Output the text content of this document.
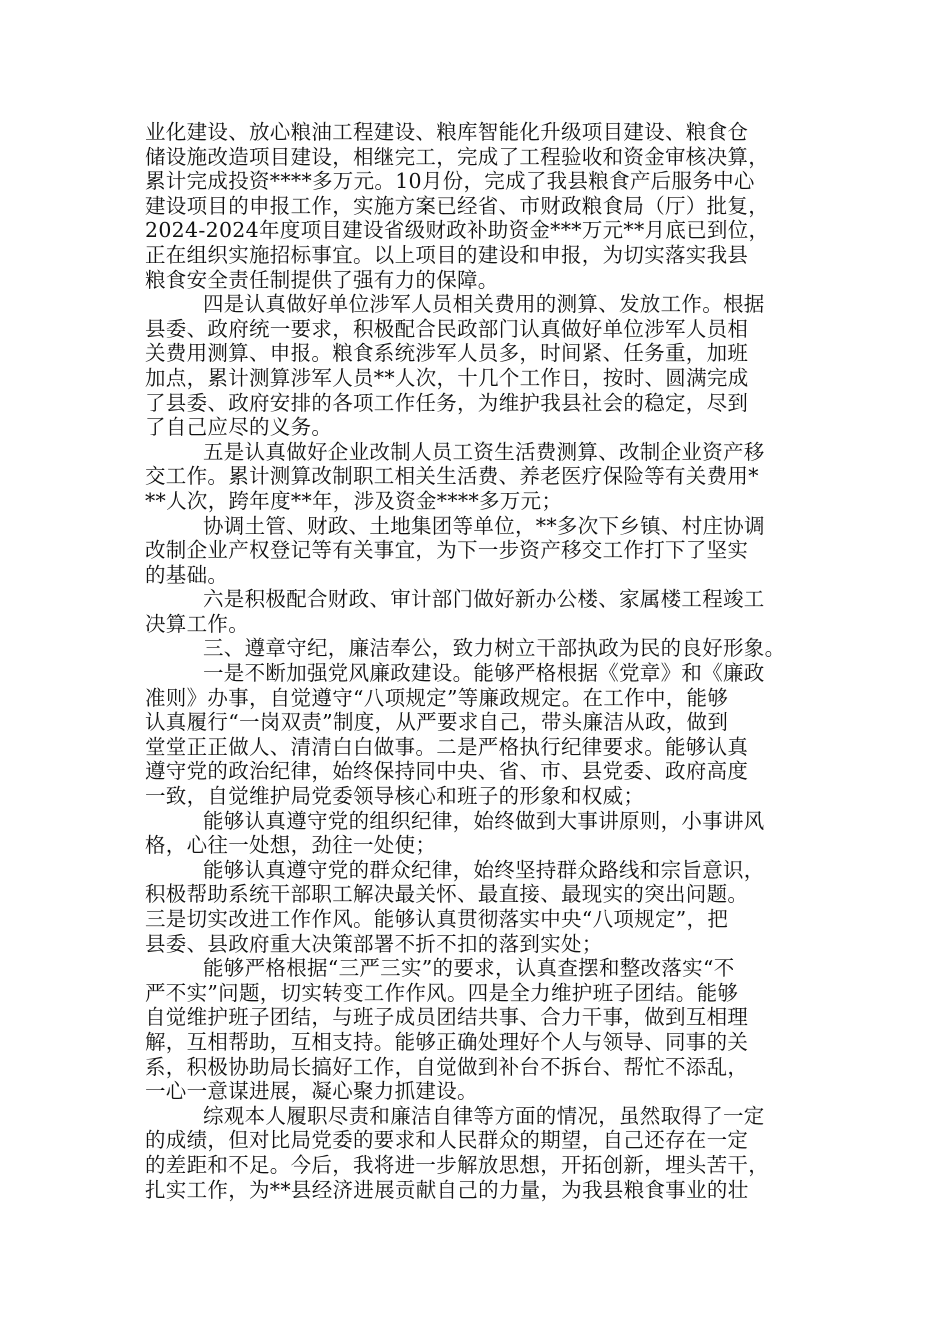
业化建设、放心粮油工程建设、粮库智能化升级项目建设、粮食仓
储设施改造项目建设，相继完工，完成了工程验收和资金审核决算，
累计完成投资****多万元。10月份，完成了我县粮食产后服务中心
建设项目的申报工作，实施方案已经省、市财政粮食局（厅）批复，
2024-2024年度项目建设省级财政补助资金***万元**月底已到位，
正在组织实施招标事宜。以上项目的建设和申报，为切实落实我县
粮食安全责任制提供了强有力的保障。
四是认真做好单位涉军人员相关费用的测算、发放工作。根据
县委、政府统一要求，积极配合民政部门认真做好单位涉军人员相
关费用测算、申报。粮食系统涉军人员多，时间紧、任务重，加班
加点，累计测算涉军人员**人次，十几个工作日，按时、圆满完成
了县委、政府安排的各项工作任务，为维护我县社会的稳定，尽到
了自己应尽的义务。
五是认真做好企业改制人员工资生活费测算、改制企业资产移
交工作。累计测算改制职工相关生活费、养老医疗保险等有关费用*
**人次，跨年度**年，涉及资金****多万元；
协调土管、财政、土地集团等单位，**多次下乡镇、村庄协调
改制企业产权登记等有关事宜，为下一步资产移交工作打下了坚实
的基础。
六是积极配合财政、审计部门做好新办公楼、家属楼工程竣工
决算工作。
三、遵章守纪，廉洁奉公，致力树立干部执政为民的良好形象。
一是不断加强党风廉政建设。能够严格根据《党章》和《廉政
准则》办事，自觉遵守“八项规定”等廉政规定。在工作中，能够
认真履行“一岗双责”制度，从严要求自己，带头廉洁从政，做到
堂堂正正做人、清清白白做事。二是严格执行纪律要求。能够认真
遵守党的政治纪律，始终保持同中央、省、市、县党委、政府高度
一致，自觉维护局党委领导核心和班子的形象和权威；
能够认真遵守党的组织纪律，始终做到大事讲原则，小事讲风
格，心往一处想，劲往一处使；
能够认真遵守党的群众纪律，始终坚持群众路线和宗旨意识，
积极帮助系统干部职工解决最关怀、最直接、最现实的突出问题。
三是切实改进工作作风。能够认真贯彻落实中央“八项规定”，把
县委、县政府重大决策部署不折不扣的落到实处；
能够严格根据“三严三实”的要求，认真查摆和整改落实“不
严不实”问题，切实转变工作作风。四是全力维护班子团结。能够
自觉维护班子团结，与班子成员团结共事、合力干事，做到互相理
解，互相帮助，互相支持。能够正确处理好个人与领导、同事的关
系，积极协助局长搞好工作，自觉做到补台不拆台、帮忙不添乱，
一心一意谋进展，凝心聚力抓建设。
综观本人履职尽责和廉洁自律等方面的情况，虽然取得了一定
的成绩，但对比局党委的要求和人民群众的期望，自己还存在一定
的差距和不足。今后，我将进一步解放思想，开拓创新，埋头苦干，
扎实工作，为**县经济进展贡献自己的力量，为我县粮食事业的壮
